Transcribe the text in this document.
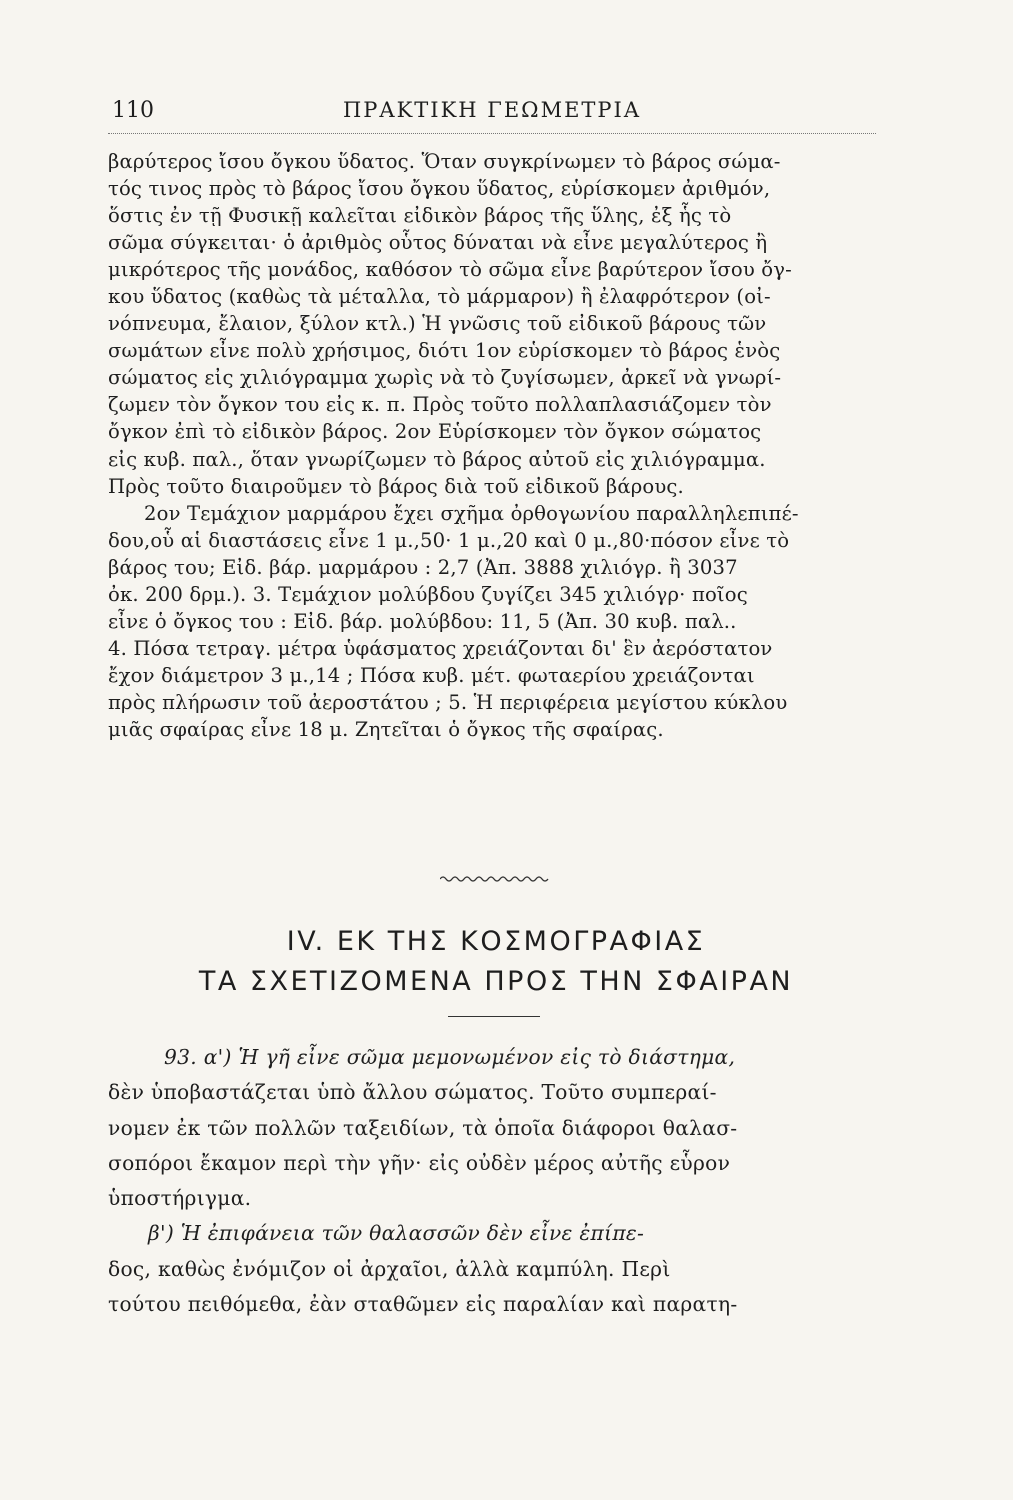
110	ΠΡΑΚΤΙΚΗ ΓΕΩΜΕΤΡΙΑ
βαρύτερος ἴσου ὄγκου ὕδατος. Ὅταν συγκρίνωμεν τὸ βάρος σώμα-
τός τινος πρὸς τὸ βάρος ἴσου ὄγκου ὕδατος, εὑρίσκομεν ἀριθμόν,
ὅστις ἐν τῇ Φυσικῇ καλεῖται εἰδικὸν βάρος τῆς ὕλης, ἐξ ἧς τὸ
σῶμα σύγκειται· ὁ ἀριθμὸς οὗτος δύναται νὰ εἶνε μεγαλύτερος ἢ
μικρότερος τῆς μονάδος, καθόσον τὸ σῶμα εἶνε βαρύτερον ἴσου ὄγ-
κου ὕδατος (καθὼς τὰ μέταλλα, τὸ μάρμαρον) ἢ ἐλαφρότερον (οἰ-
νόπνευμα, ἔλαιον, ξύλον κτλ.) Ἡ γνῶσις τοῦ εἰδικοῦ βάρους τῶν
σωμάτων εἶνε πολὺ χρήσιμος, διότι 1ον εὑρίσκομεν τὸ βάρος ἑνὸς
σώματος εἰς χιλιόγραμμα χωρὶς νὰ τὸ ζυγίσωμεν, ἀρκεῖ νὰ γνωρί-
ζωμεν τὸν ὄγκον του εἰς κ. π. Πρὸς τοῦτο πολλαπλασιάζομεν τὸν
ὄγκον ἐπὶ τὸ εἰδικὸν βάρος. 2ον Εὑρίσκομεν τὸν ὄγκον σώματος
εἰς κυβ. παλ., ὅταν γνωρίζωμεν τὸ βάρος αὐτοῦ εἰς χιλιόγραμμα.
Πρὸς τοῦτο διαιροῦμεν τὸ βάρος διὰ τοῦ εἰδικοῦ βάρους.
2ον Τεμάχιον μαρμάρου ἔχει σχῆμα ὀρθογωνίου παραλληλεπιπέ-
δου,οὗ αἱ διαστάσεις εἶνε 1 μ.,50· 1 μ.,20 καὶ 0 μ.,80·πόσον εἶνε τὸ
βάρος του; Εἰδ. βάρ. μαρμάρου : 2,7 (Ἀπ. 3888 χιλιόγρ. ἢ 3037
ὀκ. 200 δρμ.). 3. Τεμάχιον μολύβδου ζυγίζει 345 χιλιόγρ· ποῖος
εἶνε ὁ ὄγκος του : Εἰδ. βάρ. μολύβδου: 11, 5 (Ἀπ. 30 κυβ. παλ..
4. Πόσα τετραγ. μέτρα ὑφάσματος χρειάζονται δι' ἓν ἀερόστατον
ἔχον διάμετρον 3 μ.,14 ; Πόσα κυβ. μέτ. φωταερίου χρειάζονται
πρὸς πλήρωσιν τοῦ ἀεροστάτου ; 5. Ἡ περιφέρεια μεγίστου κύκλου
μιᾶς σφαίρας εἶνε 18 μ. Ζητεῖται ὁ ὄγκος τῆς σφαίρας.
IV. ΕΚ ΤΗΣ ΚΟΣΜΟΓΡΑΦΙΑΣ
ΤΑ ΣΧΕΤΙΖΟΜΕΝΑ ΠΡΟΣ ΤΗΝ ΣΦΑΙΡΑΝ
93. α') Ἡ γῆ εἶνε σῶμα μεμονωμένον εἰς τὸ διάστημα,
δὲν ὑποβαστάζεται ὑπὸ ἄλλου σώματος. Τοῦτο συμπεραί-
νομεν ἐκ τῶν πολλῶν ταξειδίων, τὰ ὁποῖα διάφοροι θαλασ-
σοπόροι ἔκαμον περὶ τὴν γῆν· εἰς οὐδὲν μέρος αὐτῆς εὗρον
ὑποστήριγμα.
β') Ἡ ἐπιφάνεια τῶν θαλασσῶν δὲν εἶνε ἐπίπε-
δος, καθὼς ἐνόμιζον οἱ ἀρχαῖοι, ἀλλὰ καμπύλη. Περὶ
τούτου πειθόμεθα, ἐὰν σταθῶμεν εἰς παραλίαν καὶ παρατη-
